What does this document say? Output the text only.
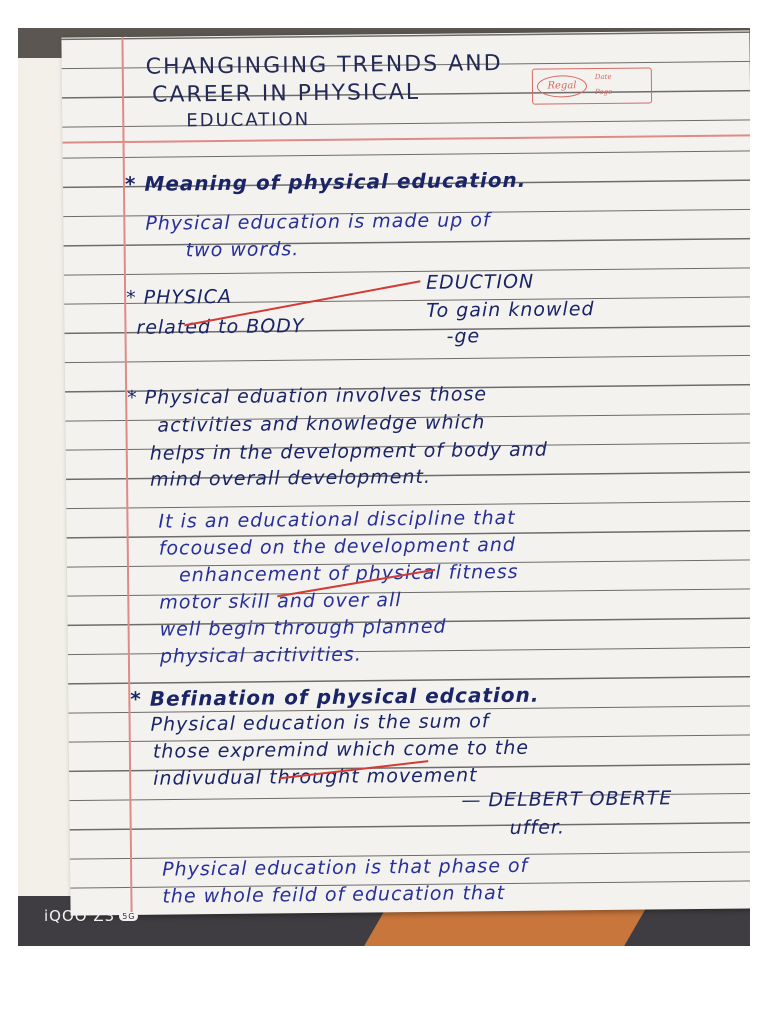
Regal
Date
Page
CHANGINGING TRENDS AND
CAREER IN PHYSICAL
EDUCATION
* Meaning of physical education.
Physical education is made up of
two words.
* PHYSICA
related to BODY
EDUCTION
To gain knowled
-ge
* Physical eduation involves those
activities and knowledge which
helps in the development of body and
mind overall development.
It is an educational discipline that
focoused on the development and
enhancement of physical fitness
motor skill and over all
well begin through planned
physical acitivities.
* Befination of physical edcation.
Physical education is the sum of
those expremind which come to the
indivudual throught movement
— DELBERT OBERTE
uffer.
Physical education is that phase of
the whole feild of education that
iQOO Z3 5G
